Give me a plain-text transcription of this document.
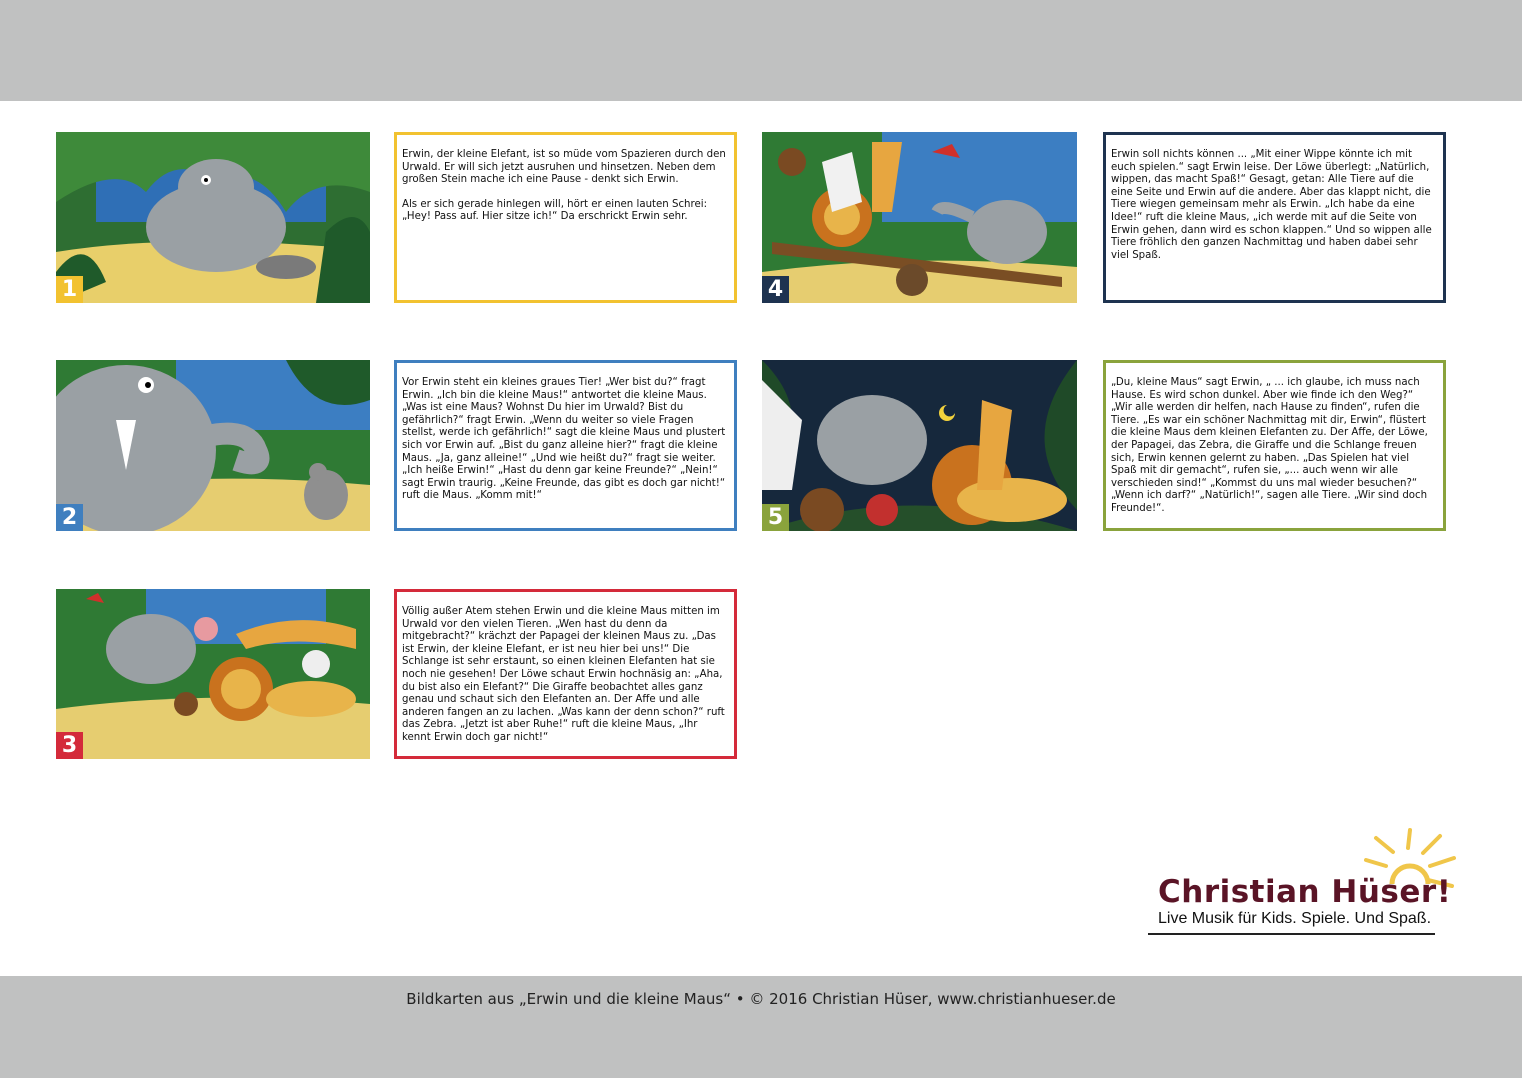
1

Erwin, der kleine Elefant, ist so müde vom Spazieren durch den Urwald. Er will sich jetzt ausruhen und hinsetzen. Neben dem großen Stein mache ich eine Pause - denkt sich Erwin.

Als er sich gerade hinlegen will, hört er einen lauten Schrei: „Hey! Pass auf. Hier sitze ich!“ Da erschrickt Erwin sehr.

2

Vor Erwin steht ein kleines graues Tier! „Wer bist du?“ fragt Erwin. „Ich bin die kleine Maus!“ antwortet die kleine Maus. „Was ist eine Maus? Wohnst Du hier im Urwald? Bist du gefährlich?“ fragt Erwin. „Wenn du weiter so viele Fragen stellst, werde ich gefährlich!“ sagt die kleine Maus und plustert sich vor Erwin auf. „Bist du ganz alleine hier?“ fragt die kleine Maus. „Ja, ganz alleine!“ „Und wie heißt du?“ fragt sie weiter. „Ich heiße Erwin!“ „Hast du denn gar keine Freunde?“ „Nein!“ sagt Erwin traurig. „Keine Freunde, das gibt es doch gar nicht!“ ruft die Maus. „Komm mit!“

3

Völlig außer Atem stehen Erwin und die kleine Maus mitten im Urwald vor den vielen Tieren. „Wen hast du denn da mitgebracht?“ krächzt der Papagei der kleinen Maus zu. „Das ist Erwin, der kleine Elefant, er ist neu hier bei uns!“ Die Schlange ist sehr erstaunt, so einen kleinen Elefanten hat sie noch nie gesehen! Der Löwe schaut Erwin hochnäsig an: „Aha, du bist also ein Elefant?“ Die Giraffe beobachtet alles ganz genau und schaut sich den Elefanten an. Der Affe und alle anderen fangen an zu lachen. „Was kann der denn schon?“ ruft das Zebra. „Jetzt ist aber Ruhe!“ ruft die kleine Maus, „Ihr kennt Erwin doch gar nicht!“

4

Erwin soll nichts können ... „Mit einer Wippe könnte ich mit euch spielen.“ sagt Erwin leise. Der Löwe überlegt: „Natürlich, wippen, das macht Spaß!“ Gesagt, getan: Alle Tiere auf die eine Seite und Erwin auf die andere. Aber das klappt nicht, die Tiere wiegen gemeinsam mehr als Erwin. „Ich habe da eine Idee!“ ruft die kleine Maus, „ich werde mit auf die Seite von Erwin gehen, dann wird es schon klappen.“ Und so wippen alle Tiere fröhlich den ganzen Nachmittag und haben dabei sehr viel Spaß.

5

„Du, kleine Maus“ sagt Erwin, „ ... ich glaube, ich muss nach Hause. Es wird schon dunkel. Aber wie finde ich den Weg?“ „Wir alle werden dir helfen, nach Hause zu finden“, rufen die Tiere. „Es war ein schöner Nachmittag mit dir, Erwin“, flüstert die kleine Maus dem kleinen Elefanten zu. Der Affe, der Löwe, der Papagei, das Zebra, die Giraffe und die Schlange freuen sich, Erwin kennen gelernt zu haben. „Das Spielen hat viel Spaß mit dir gemacht“, rufen sie, „... auch wenn wir alle verschieden sind!“ „Kommst du uns mal wieder besuchen?“ „Wenn ich darf?“ „Natürlich!“, sagen alle Tiere. „Wir sind doch Freunde!“.

Christian Hüser!
Live Musik für Kids. Spiele. Und Spaß.
Bildkarten aus „Erwin und die kleine Maus“ • © 2016 Christian Hüser, www.christianhueser.de
